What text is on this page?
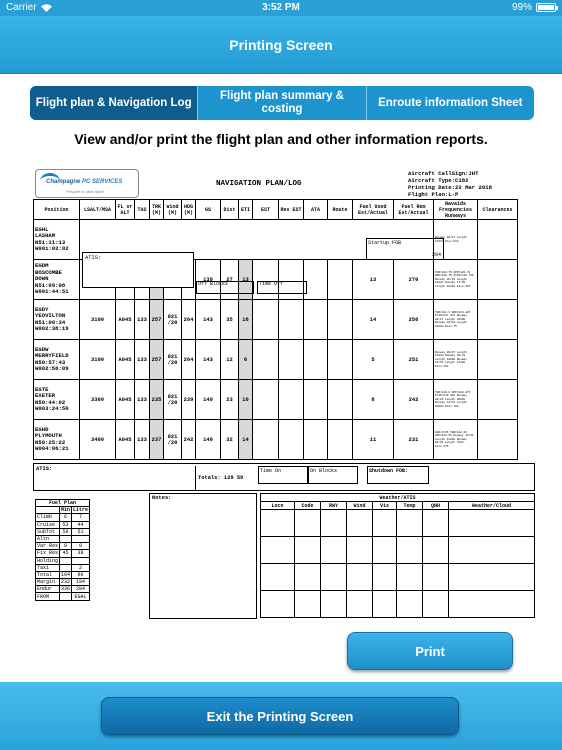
Carrier	3:52 PM	99%
Printing Screen
Flight plan & Navigation Log
Flight plan summary & costing
Enroute information Sheet
View and/or print the flight plan and other information reports.
Champagne PC SERVICES
Prepare to take flight!
NAVIGATION PLAN/LOG
Aircraft CallSign:JHT
Aircraft Type:C182
Printing Date:22 Mar 2018
Flight Plan:L-P
Position	LSALT/MSA	FL or ALT	TAS	TRK (M)	Wind (M)	HDG (M)	GS	Dist	ETI	EST	Rev EST	ATA	Route	Fuel Used Est/Actual	Fuel Rem Est/Actual	Navaids Frequencies Runways	Clearances

EGHL
LASHAM
N51:11:13
W001:02:02																Runway 09/27 Length 1767m Elev:618	

EGDM
BOSCOMBE DOWN
N51:09:08
W001:44:51							139	27	13					13	270	TWR=130.75 APP=126.70 GND=130.75 ATIS=120.725 Runway 05/23 Length 3212m Runway 17/35 Length 1916m Elev:407	

EGDY
YEOVILTON
N51:00:34
W002:38:19	3100	A045	133	257	021 /20	264	143	35	16					14	256	TWR=122.1 GND=134.425 ATIS=127.475 Runway 09/27 Length 2310m Runway 04/22 Length 1463m Elev:75	

EGDW
MERRYFIELD
N50:57:43
W002:56:09	3100	A045	133	257	021 /20	264	143	12	6					5	251	Runway 09/27 Length 1833m Runway 03/21 Length 1098m Runway 16/34 Length 1138m Elev:151	

EGTE
EXETER
N50:44:02
W003:24:50	3300	A045	133	235	021 /20	239	149	23	10					8	242	TWR=119.8 APP=128.975 ATIS=119.325 Runway 08/26 Length 2083m Runway 13/31 Length 1000m Elev:102	

EGHD
PLYMOUTH
N50:25:22
W004:06:21	3400	A045	133	237	021 /20	242	148	32	14					11	231	AGR/ATIS TWR=122.60 APP=133.55 Runway 13/31 Length 1180m Runway 06/24 Length 752m Elev:476	
ATIS:
Off Blocks	Time Off
Startup FOB
284
ATIS:
Totals: 129 59
Time On	On Blocks	Shutdown FOB:
Fuel Plan		
	Min	Litre
Climb	6	7
Cruise	53	44
SubTot	59	51
Altn		
Var Res	0	0
Fix Res	45	38
Holding		
Taxi		2
Total	104	90
Margin	232	194
Endur	336	284
FROM		EGHL
Notes:	Weather/ATIS							
Locn	Code	RWY	Wind	Vis	Temp	QNH	Weather/Cloud

Print
Exit the Printing Screen
